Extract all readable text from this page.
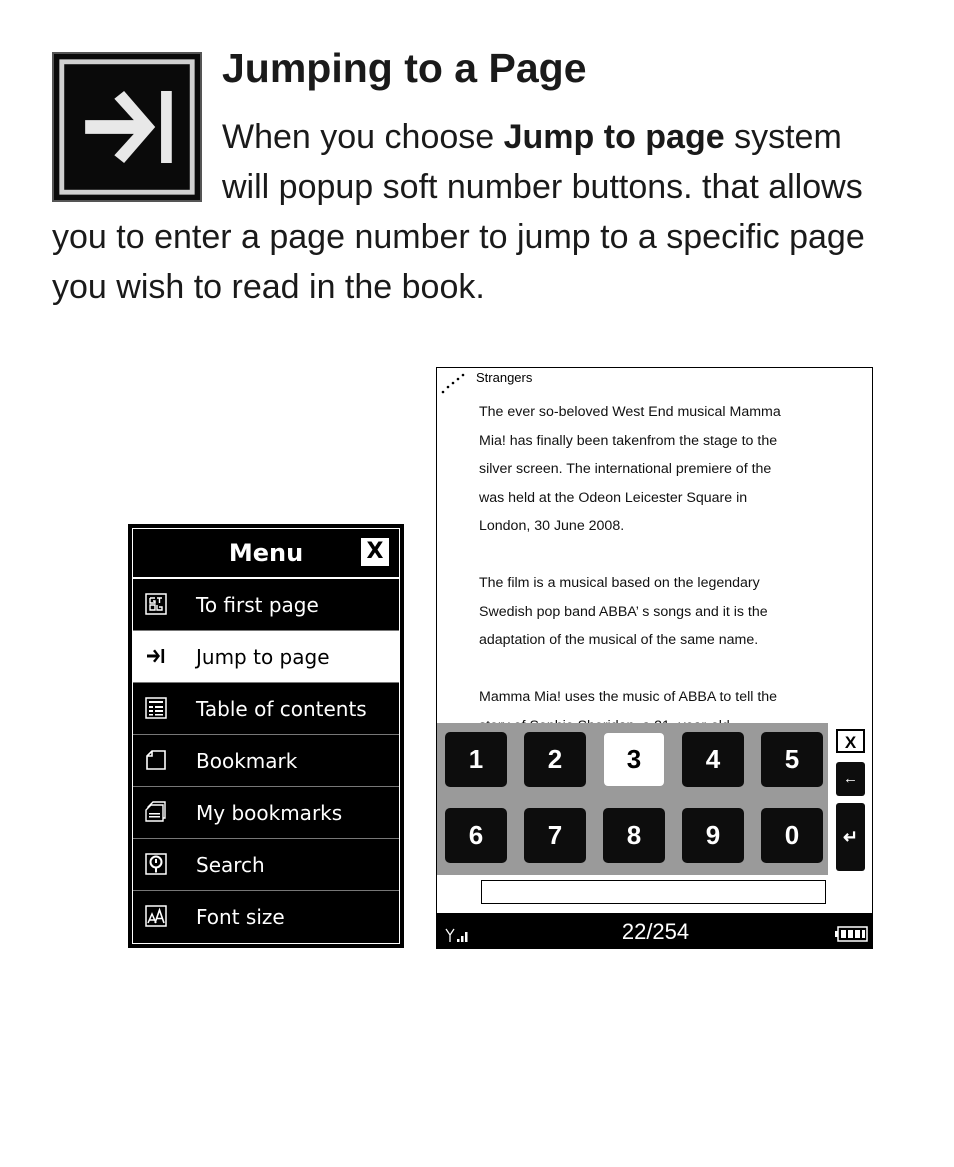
Jumping to a Page

When you choose Jump to page system

will popup soft number buttons. that allows

you to enter a page number to jump to a specific page

you wish to read in the book.

Menu	X
To first page
Jump to page
Table of contents
Bookmark
My bookmarks
Search
Font size
Strangers

The ever so-beloved West End musical Mamma
Mia! has finally been takenfrom the stage to the
silver screen. The international premiere of the
was held at the Odeon Leicester Square in
London, 30 June 2008.

The film is a musical based on the legendary
Swedish pop band ABBA’ s songs and it is the
adaptation of the musical of the same name.

Mamma Mia! uses the music of ABBA to tell the

1	2	3	4	5
6	7	8	9	0
X
←
↵
22/254
